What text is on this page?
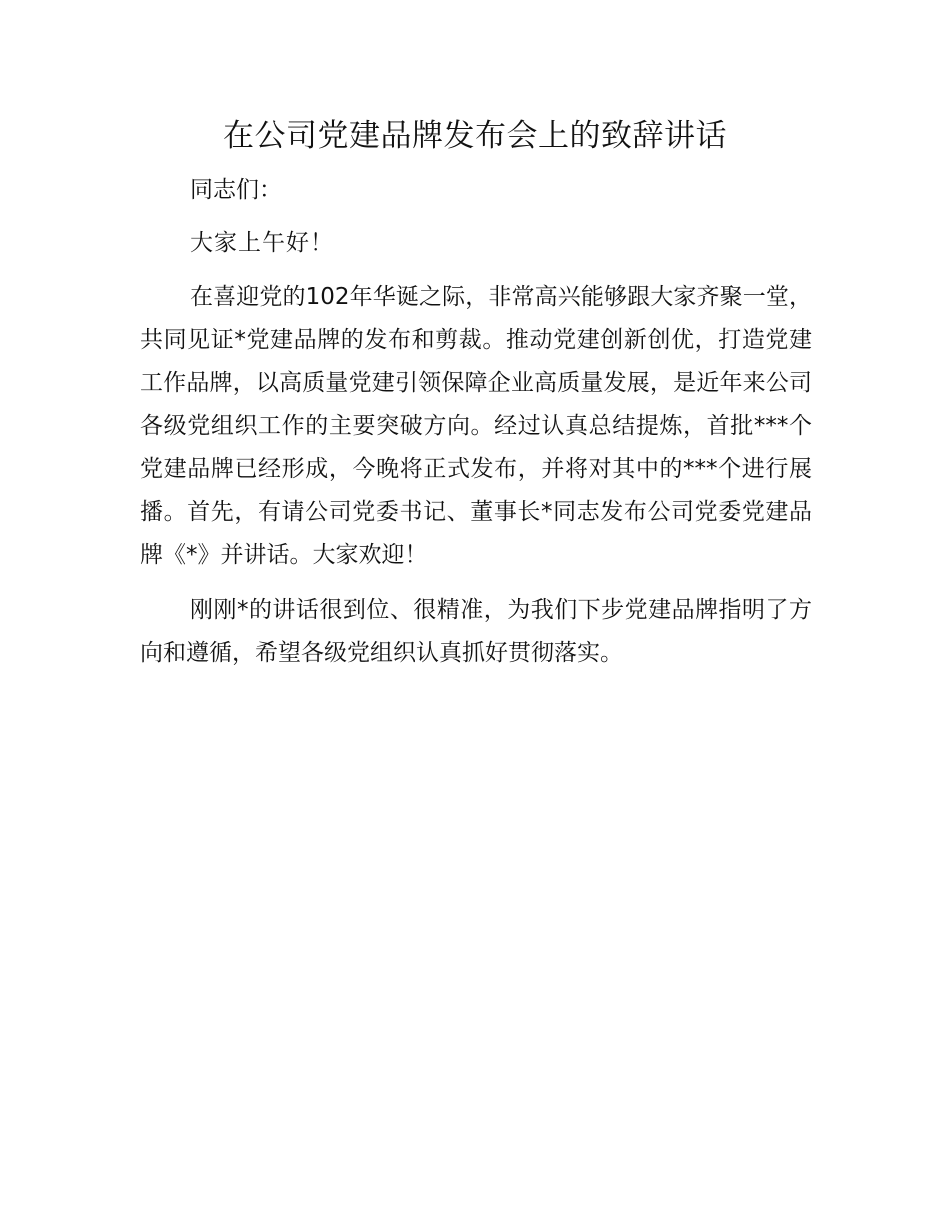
在公司党建品牌发布会上的致辞讲话

同志们：

大家上午好！

在喜迎党的102年华诞之际，非常高兴能够跟大家齐聚一堂，共同见证*党建品牌的发布和剪裁。推动党建创新创优，打造党建工作品牌，以高质量党建引领保障企业高质量发展，是近年来公司各级党组织工作的主要突破方向。经过认真总结提炼，首批***个党建品牌已经形成，今晚将正式发布，并将对其中的***个进行展播。首先，有请公司党委书记、董事长*同志发布公司党委党建品牌《*》并讲话。大家欢迎！

刚刚*的讲话很到位、很精准，为我们下步党建品牌指明了方向和遵循，希望各级党组织认真抓好贯彻落实。
